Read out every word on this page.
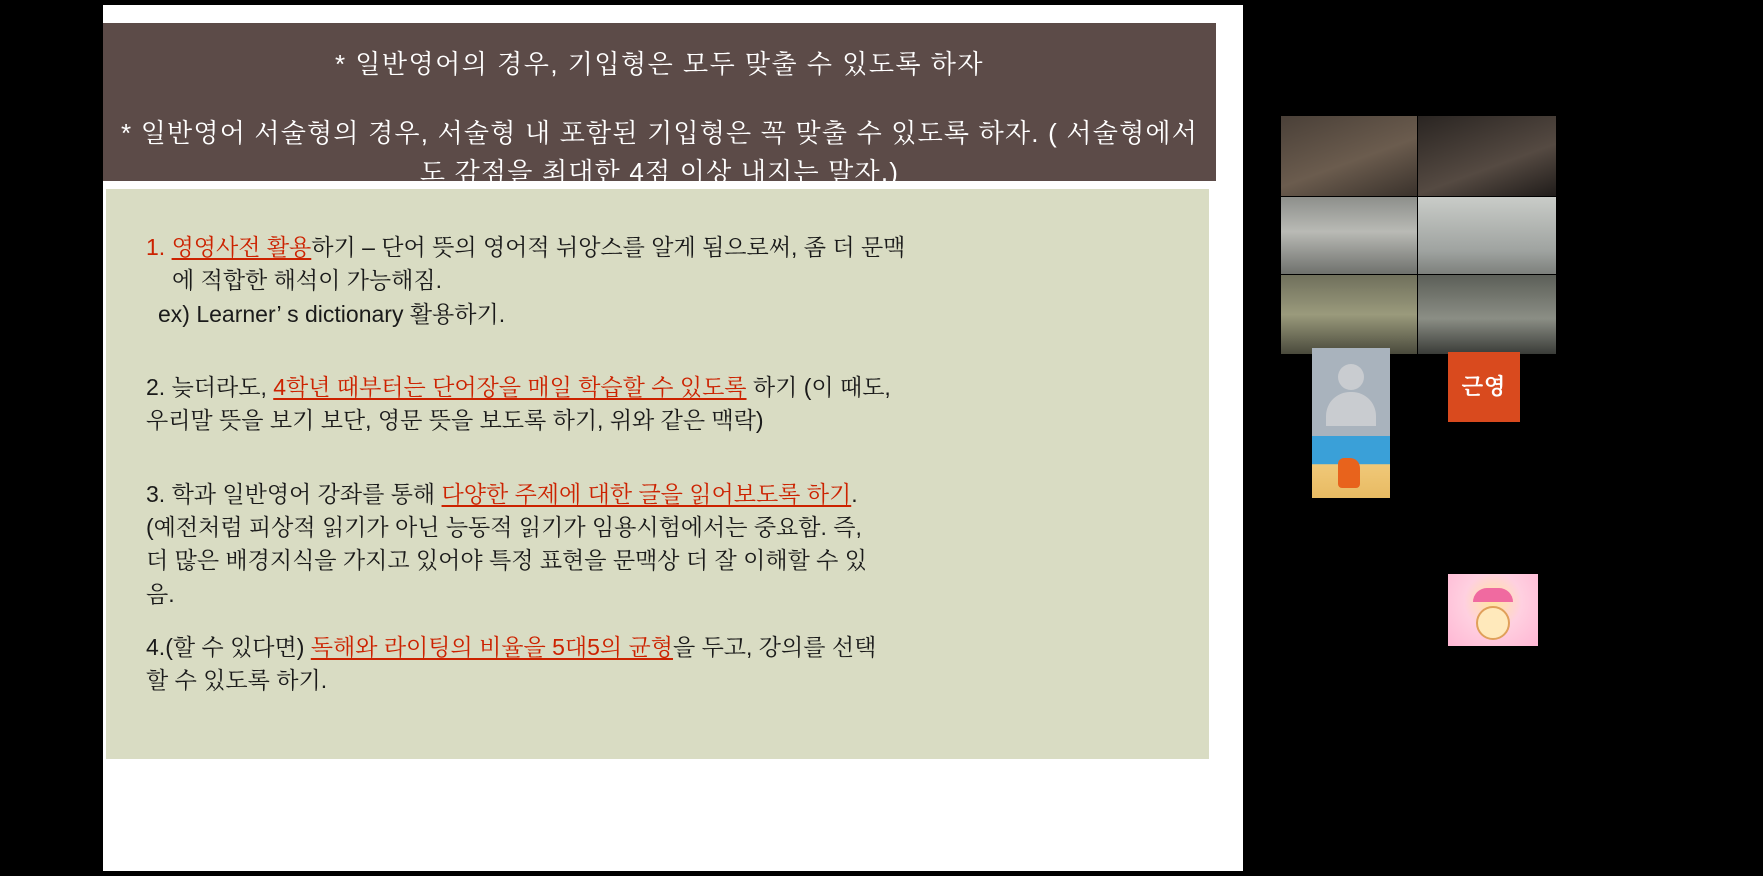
* 일반영어의 경우, 기입형은 모두 맞출 수 있도록 하자
* 일반영어 서술형의 경우, 서술형 내 포함된 기입형은 꼭 맞출 수 있도록 하자. ( 서술형에서도 감점을 최대한 4점 이상 내지는 말자.)
1. 영영사전 활용하기 – 단어 뜻의 영어적 뉘앙스를 알게 됨으로써, 좀 더 문맥
에 적합한 해석이 가능해짐.
ex) Learner’ s dictionary 활용하기.
2. 늦더라도, 4학년 때부터는 단어장을 매일 학습할 수 있도록 하기 (이 때도,
우리말 뜻을 보기 보단, 영문 뜻을 보도록 하기, 위와 같은 맥락)
3. 학과 일반영어 강좌를 통해 다양한 주제에 대한 글을 읽어보도록 하기.
(예전처럼 피상적 읽기가 아닌 능동적 읽기가 임용시험에서는 중요함. 즉,
더 많은 배경지식을 가지고 있어야 특정 표현을 문맥상 더 잘 이해할 수 있
음.
4.(할 수 있다면) 독해와 라이팅의 비율을 5대5의 균형을 두고, 강의를 선택
할 수 있도록 하기.
근영
